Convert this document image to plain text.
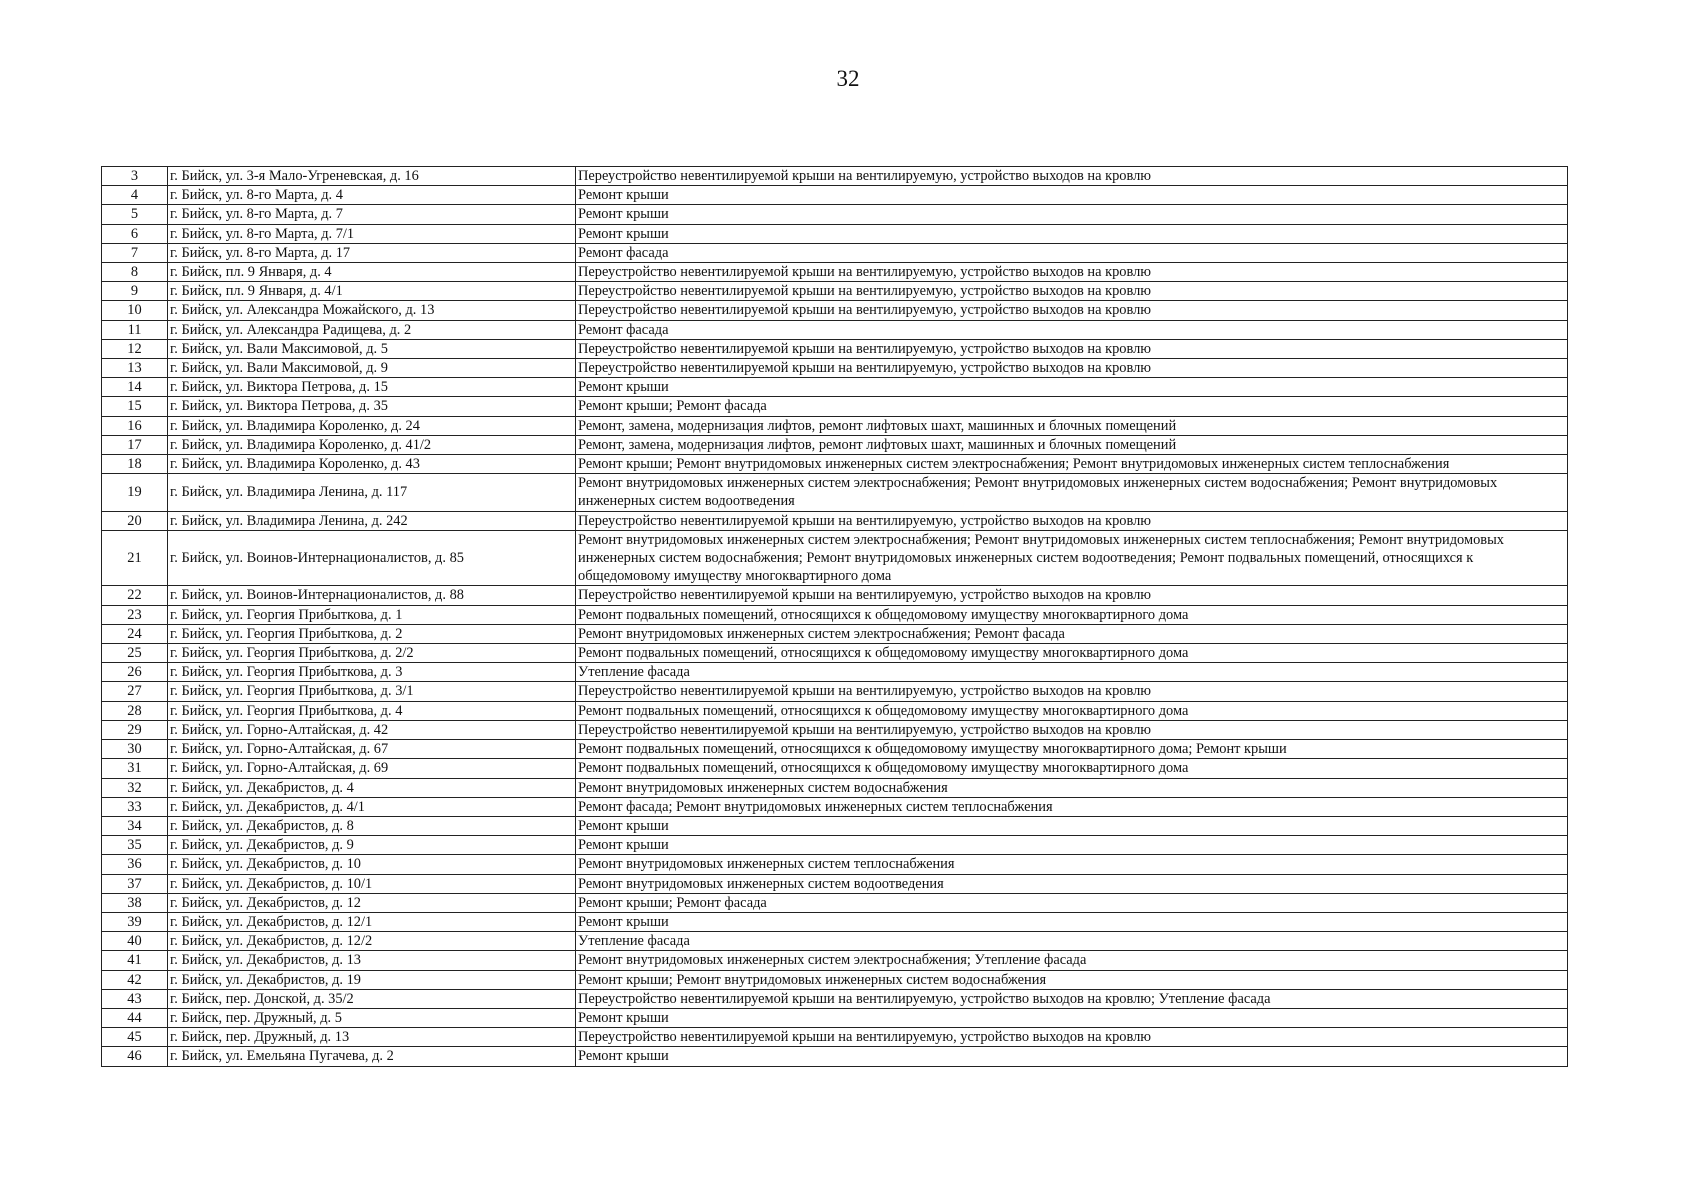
32
3	г. Бийск, ул. 3-я Мало-Угреневская, д. 16	Переустройство невентилируемой крыши на вентилируемую, устройство выходов на кровлю
4	г. Бийск, ул. 8-го Марта, д. 4	Ремонт крыши
5	г. Бийск, ул. 8-го Марта, д. 7	Ремонт крыши
6	г. Бийск, ул. 8-го Марта, д. 7/1	Ремонт крыши
7	г. Бийск, ул. 8-го Марта, д. 17	Ремонт фасада
8	г. Бийск, пл. 9 Января, д. 4	Переустройство невентилируемой крыши на вентилируемую, устройство выходов на кровлю
9	г. Бийск, пл. 9 Января, д. 4/1	Переустройство невентилируемой крыши на вентилируемую, устройство выходов на кровлю
10	г. Бийск, ул. Александра Можайского, д. 13	Переустройство невентилируемой крыши на вентилируемую, устройство выходов на кровлю
11	г. Бийск, ул. Александра Радищева, д. 2	Ремонт фасада
12	г. Бийск, ул. Вали Максимовой, д. 5	Переустройство невентилируемой крыши на вентилируемую, устройство выходов на кровлю
13	г. Бийск, ул. Вали Максимовой, д. 9	Переустройство невентилируемой крыши на вентилируемую, устройство выходов на кровлю
14	г. Бийск, ул. Виктора Петрова, д. 15	Ремонт крыши
15	г. Бийск, ул. Виктора Петрова, д. 35	Ремонт крыши; Ремонт фасада
16	г. Бийск, ул. Владимира Короленко, д. 24	Ремонт, замена, модернизация лифтов, ремонт лифтовых шахт, машинных и блочных помещений
17	г. Бийск, ул. Владимира Короленко, д. 41/2	Ремонт, замена, модернизация лифтов, ремонт лифтовых шахт, машинных и блочных помещений
18	г. Бийск, ул. Владимира Короленко, д. 43	Ремонт крыши; Ремонт внутридомовых инженерных систем электроснабжения; Ремонт внутридомовых инженерных систем теплоснабжения
19	г. Бийск, ул. Владимира Ленина, д. 117	Ремонт внутридомовых инженерных систем электроснабжения; Ремонт внутридомовых инженерных систем водоснабжения; Ремонт внутридомовых инженерных систем водоотведения
20	г. Бийск, ул. Владимира Ленина, д. 242	Переустройство невентилируемой крыши на вентилируемую, устройство выходов на кровлю
21	г. Бийск, ул. Воинов-Интернационалистов, д. 85	Ремонт внутридомовых инженерных систем электроснабжения; Ремонт внутридомовых инженерных систем теплоснабжения; Ремонт внутридомовых инженерных систем водоснабжения; Ремонт внутридомовых инженерных систем водоотведения; Ремонт подвальных помещений, относящихся к общедомовому имуществу многоквартирного дома
22	г. Бийск, ул. Воинов-Интернационалистов, д. 88	Переустройство невентилируемой крыши на вентилируемую, устройство выходов на кровлю
23	г. Бийск, ул. Георгия Прибыткова, д. 1	Ремонт подвальных помещений, относящихся к общедомовому имуществу многоквартирного дома
24	г. Бийск, ул. Георгия Прибыткова, д. 2	Ремонт внутридомовых инженерных систем электроснабжения; Ремонт фасада
25	г. Бийск, ул. Георгия Прибыткова, д. 2/2	Ремонт подвальных помещений, относящихся к общедомовому имуществу многоквартирного дома
26	г. Бийск, ул. Георгия Прибыткова, д. 3	Утепление фасада
27	г. Бийск, ул. Георгия Прибыткова, д. 3/1	Переустройство невентилируемой крыши на вентилируемую, устройство выходов на кровлю
28	г. Бийск, ул. Георгия Прибыткова, д. 4	Ремонт подвальных помещений, относящихся к общедомовому имуществу многоквартирного дома
29	г. Бийск, ул. Горно-Алтайская, д. 42	Переустройство невентилируемой крыши на вентилируемую, устройство выходов на кровлю
30	г. Бийск, ул. Горно-Алтайская, д. 67	Ремонт подвальных помещений, относящихся к общедомовому имуществу многоквартирного дома; Ремонт крыши
31	г. Бийск, ул. Горно-Алтайская, д. 69	Ремонт подвальных помещений, относящихся к общедомовому имуществу многоквартирного дома
32	г. Бийск, ул. Декабристов, д. 4	Ремонт внутридомовых инженерных систем водоснабжения
33	г. Бийск, ул. Декабристов, д. 4/1	Ремонт фасада; Ремонт внутридомовых инженерных систем теплоснабжения
34	г. Бийск, ул. Декабристов, д. 8	Ремонт крыши
35	г. Бийск, ул. Декабристов, д. 9	Ремонт крыши
36	г. Бийск, ул. Декабристов, д. 10	Ремонт внутридомовых инженерных систем теплоснабжения
37	г. Бийск, ул. Декабристов, д. 10/1	Ремонт внутридомовых инженерных систем водоотведения
38	г. Бийск, ул. Декабристов, д. 12	Ремонт крыши; Ремонт фасада
39	г. Бийск, ул. Декабристов, д. 12/1	Ремонт крыши
40	г. Бийск, ул. Декабристов, д. 12/2	Утепление фасада
41	г. Бийск, ул. Декабристов, д. 13	Ремонт внутридомовых инженерных систем электроснабжения; Утепление фасада
42	г. Бийск, ул. Декабристов, д. 19	Ремонт крыши; Ремонт внутридомовых инженерных систем водоснабжения
43	г. Бийск, пер. Донской, д. 35/2	Переустройство невентилируемой крыши на вентилируемую, устройство выходов на кровлю; Утепление фасада
44	г. Бийск, пер. Дружный, д. 5	Ремонт крыши
45	г. Бийск, пер. Дружный, д. 13	Переустройство невентилируемой крыши на вентилируемую, устройство выходов на кровлю
46	г. Бийск, ул. Емельяна Пугачева, д. 2	Ремонт крыши
